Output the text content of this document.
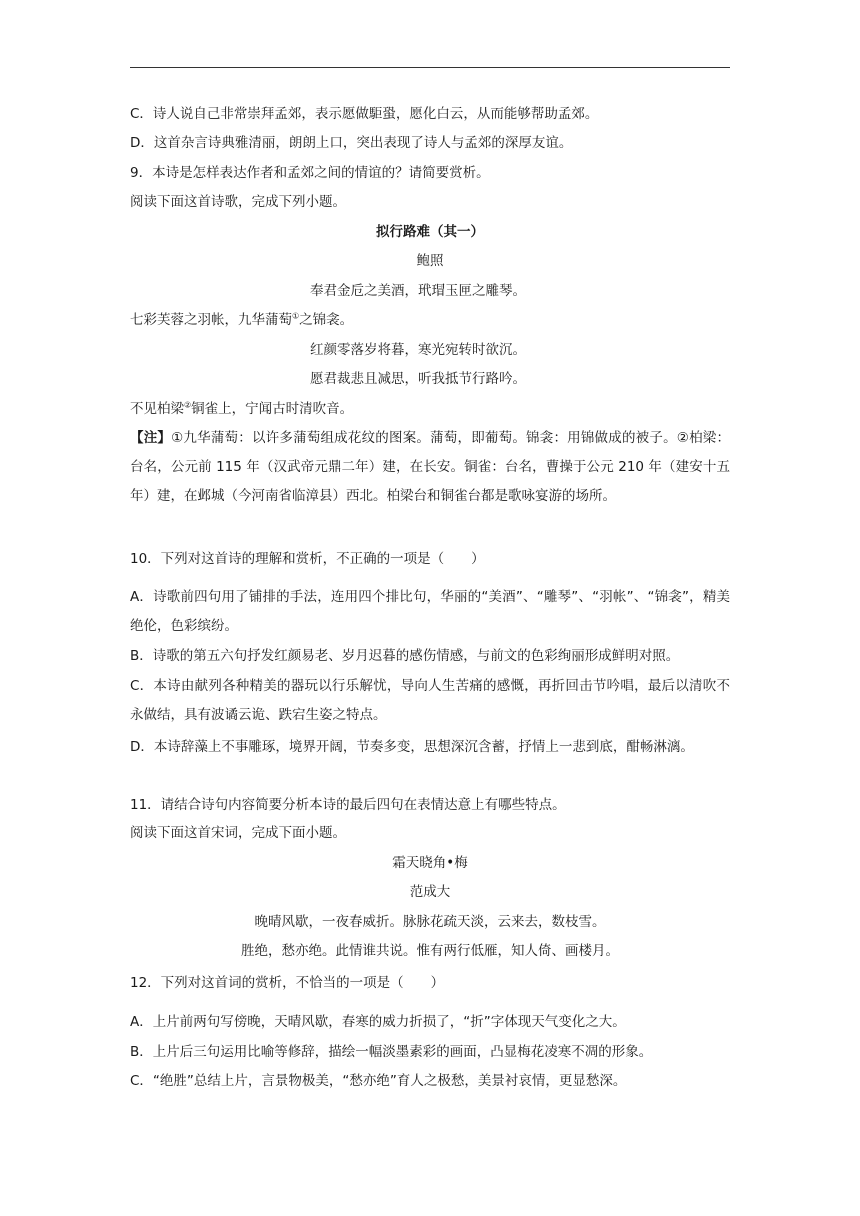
C．诗人说自己非常崇拜孟郊，表示愿做駏蛩，愿化白云，从而能够帮助孟郊。
D．这首杂言诗典雅清丽，朗朗上口，突出表现了诗人与孟郊的深厚友谊。
9．本诗是怎样表达作者和孟郊之间的情谊的？请简要赏析。
阅读下面这首诗歌，完成下列小题。
拟行路难（其一）
鲍照
奉君金卮之美酒，玳瑁玉匣之雕琴。
七彩芙蓉之羽帐，九华蒲萄①之锦衾。
红颜零落岁将暮，寒光宛转时欲沉。
愿君裁悲且减思，听我抵节行路吟。
不见柏梁②铜雀上，宁闻古时清吹音。
【注】①九华蒲萄：以许多蒲萄组成花纹的图案。蒲萄，即葡萄。锦衾：用锦做成的被子。②柏梁：台名，公元前 115 年（汉武帝元鼎二年）建，在长安。铜雀：台名，曹操于公元 210 年（建安十五年）建，在邺城（今河南省临漳县）西北。柏梁台和铜雀台都是歌咏宴游的场所。
10．下列对这首诗的理解和赏析，不正确的一项是（　　）
A．诗歌前四句用了铺排的手法，连用四个排比句，华丽的“美酒”、“雕琴”、“羽帐”、“锦衾”，精美绝伦，色彩缤纷。
B．诗歌的第五六句抒发红颜易老、岁月迟暮的感伤情感，与前文的色彩绚丽形成鲜明对照。
C．本诗由献列各种精美的器玩以行乐解忧，导向人生苦痛的感慨，再折回击节吟唱，最后以清吹不永做结，具有波谲云诡、跌宕生姿之特点。
D．本诗辞藻上不事雕琢，境界开阔，节奏多变，思想深沉含蓄，抒情上一悲到底，酣畅淋漓。
11．请结合诗句内容简要分析本诗的最后四句在表情达意上有哪些特点。
阅读下面这首宋词，完成下面小题。
霜天晓角•梅
范成大
晚晴风歇，一夜春威折。脉脉花疏天淡，云来去，数枝雪。
胜绝，愁亦绝。此情谁共说。惟有两行低雁，知人倚、画楼月。
12．下列对这首词的赏析，不恰当的一项是（　　）
A．上片前两句写傍晚，天晴风歇，春寒的威力折损了，“折”字体现天气变化之大。
B．上片后三句运用比喻等修辞，描绘一幅淡墨素彩的画面，凸显梅花凌寒不凋的形象。
C．“绝胜”总结上片，言景物极美，“愁亦绝”育人之极愁，美景衬哀情，更显愁深。
